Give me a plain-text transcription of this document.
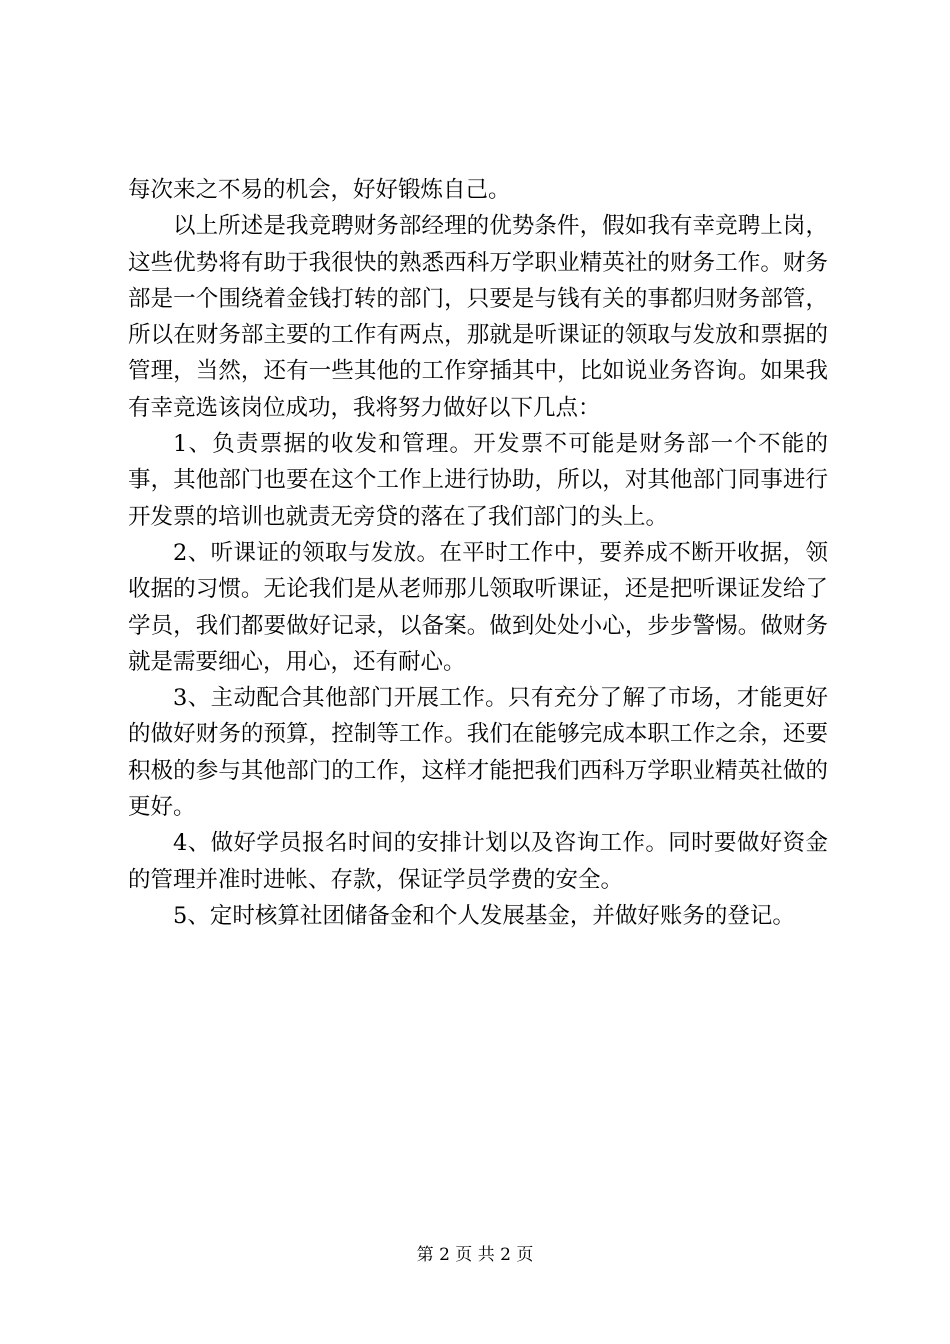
每次来之不易的机会，好好锻炼自己。

以上所述是我竞聘财务部经理的优势条件，假如我有幸竞聘上岗，这些优势将有助于我很快的熟悉西科万学职业精英社的财务工作。财务部是一个围绕着金钱打转的部门，只要是与钱有关的事都归财务部管，所以在财务部主要的工作有两点，那就是听课证的领取与发放和票据的管理，当然，还有一些其他的工作穿插其中，比如说业务咨询。如果我有幸竞选该岗位成功，我将努力做好以下几点：

1、负责票据的收发和管理。开发票不可能是财务部一个不能的事，其他部门也要在这个工作上进行协助，所以，对其他部门同事进行开发票的培训也就责无旁贷的落在了我们部门的头上。

2、听课证的领取与发放。在平时工作中，要养成不断开收据，领收据的习惯。无论我们是从老师那儿领取听课证，还是把听课证发给了学员，我们都要做好记录，以备案。做到处处小心，步步警惕。做财务就是需要细心，用心，还有耐心。

3、主动配合其他部门开展工作。只有充分了解了市场，才能更好的做好财务的预算，控制等工作。我们在能够完成本职工作之余，还要积极的参与其他部门的工作，这样才能把我们西科万学职业精英社做的更好。

4、做好学员报名时间的安排计划以及咨询工作。同时要做好资金的管理并准时进帐、存款，保证学员学费的安全。

5、定时核算社团储备金和个人发展基金，并做好账务的登记。

第 2 页 共 2 页
